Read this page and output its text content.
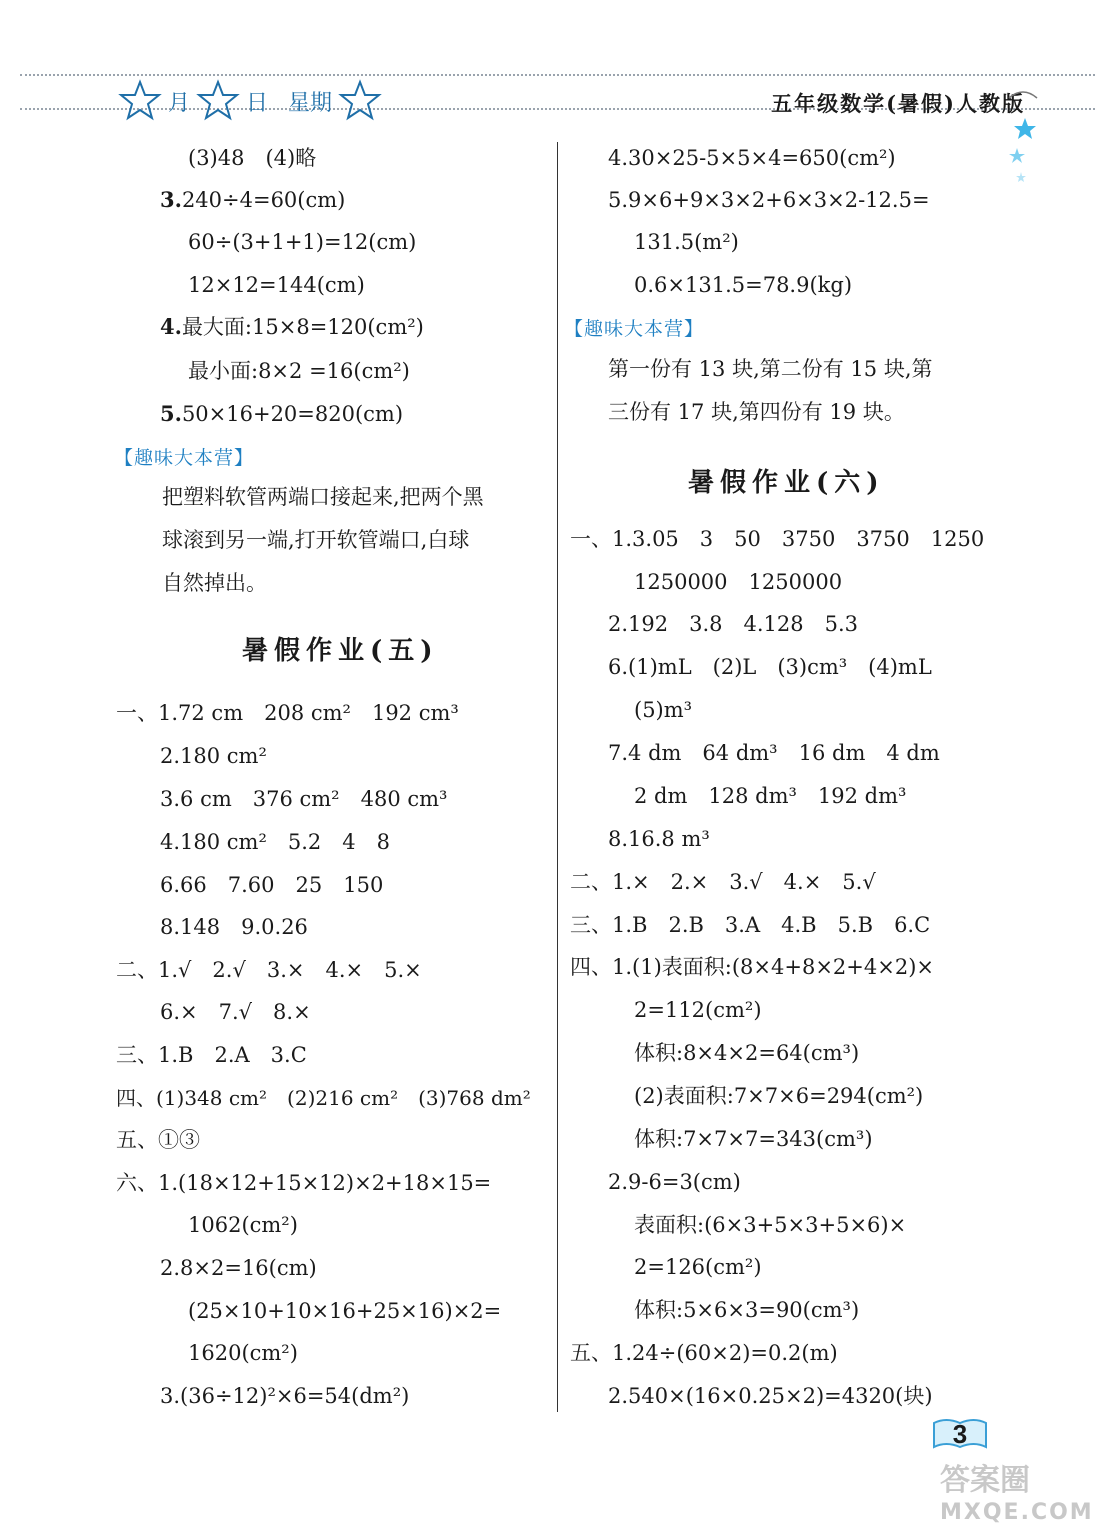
月	日 星期	五年级数学(暑假)人教版
(3)48　(4)略
3.240÷4=60(cm)
60÷(3+1+1)=12(cm)
12×12=144(cm)
4.最大面:15×8=120(cm²)
最小面:8×2 =16(cm²)
5.50×16+20=820(cm)
【趣味大本营】
把塑料软管两端口接起来,把两个黑
球滚到另一端,打开软管端口,白球
自然掉出。
暑假作业(五)
一、1.72 cm　208 cm²　192 cm³
2.180 cm²
3.6 cm　376 cm²　480 cm³
4.180 cm²　5.2　4　8
6.66　7.60　25　150
8.148　9.0.26
二、1.√　2.√　3.×　4.×　5.×
6.×　7.√　8.×
三、1.B　2.A　3.C
四、(1)348 cm²　(2)216 cm²　(3)768 dm²
五、①③
六、1.(18×12+15×12)×2+18×15=
1062(cm²)
2.8×2=16(cm)
(25×10+10×16+25×16)×2=
1620(cm²)
3.(36÷12)²×6=54(dm²)
4.30×25-5×5×4=650(cm²)
5.9×6+9×3×2+6×3×2-12.5=
131.5(m²)
0.6×131.5=78.9(kg)
【趣味大本营】
第一份有 13 块,第二份有 15 块,第
三份有 17 块,第四份有 19 块。
暑假作业(六)
一、1.3.05　3　50　3750　3750　1250
1250000　1250000
2.192　3.8　4.128　5.3
6.(1)mL　(2)L　(3)cm³　(4)mL
(5)m³
7.4 dm　64 dm³　16 dm　4 dm
2 dm　128 dm³　192 dm³
8.16.8 m³
二、1.×　2.×　3.√　4.×　5.√
三、1.B　2.B　3.A　4.B　5.B　6.C
四、1.(1)表面积:(8×4+8×2+4×2)×
2=112(cm²)
体积:8×4×2=64(cm³)
(2)表面积:7×7×6=294(cm²)
体积:7×7×7=343(cm³)
2.9-6=3(cm)
表面积:(6×3+5×3+5×6)×
2=126(cm²)
体积:5×6×3=90(cm³)
五、1.24÷(60×2)=0.2(m)
2.540×(16×0.25×2)=4320(块)
3
答案圈
MXQE.COM
